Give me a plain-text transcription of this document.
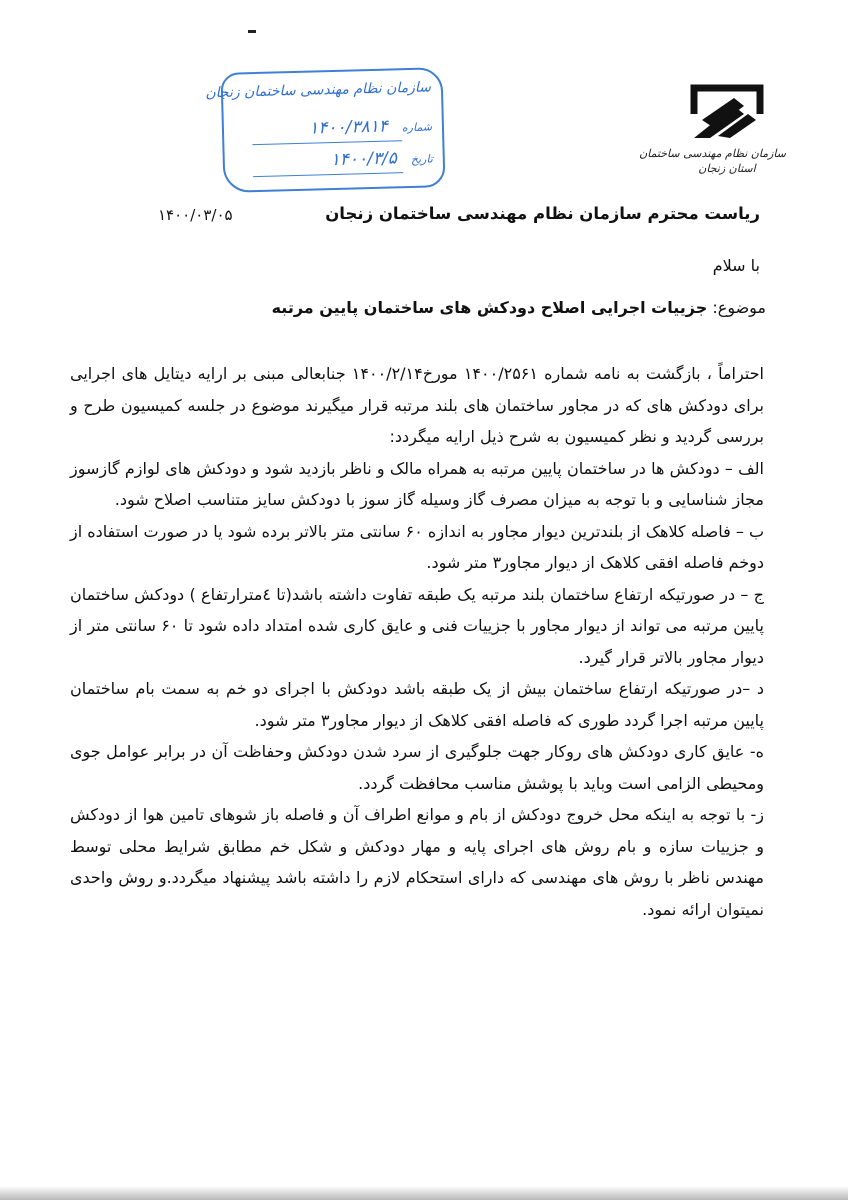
سازمان نظام مهندسی ساختمان
استان زنجان
سازمان نظام مهندسی ساختمان زنجان
شماره
۱۴۰۰/۳۸۱۴
تاریخ
۱۴۰۰/۳/۵
۱۴۰۰/۰۳/۰۵	ریاست محترم سازمان نظام مهندسی ساختمان زنجان
با سلام
موضوع: جزییات اجرایی اصلاح دودکش های ساختمان پایین مرتبه

احتراماً ، بازگشت به نامه شماره ۱۴۰۰/۲۵۶۱ مورخ۱۴۰۰/۲/۱۴ جنابعالی مبنی بر ارایه دیتایل های اجرایی برای دودکش های که در مجاور ساختمان های بلند مرتبه قرار میگیرند موضوع در جلسه کمیسیون طرح و بررسی گردید و نظر کمیسیون به شرح ذیل ارایه میگردد:

الف – دودکش ها در ساختمان پایین مرتبه به همراه مالک و ناظر بازدید شود و دودکش های لوازم گازسوز مجاز شناسایی و با توجه به میزان مصرف گاز وسیله گاز سوز با دودکش سایز متناسب اصلاح شود.

ب – فاصله کلاهک از بلندترین دیوار مجاور به اندازه ۶۰ سانتی متر بالاتر برده شود یا در صورت استفاده از دوخم فاصله افقی کلاهک از دیوار مجاور۳ متر شود.

ج – در صورتیکه ارتفاع ساختمان بلند مرتبه یک طبقه تفاوت داشته باشد(تا ٤مترارتفاع ) دودکش ساختمان پایین مرتبه می تواند از دیوار مجاور با جزییات فنی و عایق کاری شده امتداد داده شود تا ۶۰ سانتی متر از دیوار مجاور بالاتر قرار گیرد.

د –در صورتیکه ارتفاع ساختمان بیش از یک طبقه باشد دودکش با اجرای دو خم به سمت بام ساختمان پایین مرتبه اجرا گردد طوری که فاصله افقی کلاهک از دیوار مجاور۳ متر شود.

ه- عایق کاری دودکش های روکار جهت جلوگیری از سرد شدن دودکش وحفاظت آن در برابر عوامل جوی ومحیطی الزامی است وباید با پوشش مناسب محافظت گردد.

ز- با توجه به اینکه محل خروج دودکش از بام و موانع اطراف آن و فاصله باز شوهای تامین هوا از دودکش و جزییات سازه و بام روش های اجرای پایه و مهار دودکش و شکل خم مطابق شرایط محلی توسط مهندس ناظر با روش های مهندسی که دارای استحکام لازم را داشته باشد پیشنهاد میگردد.و روش واحدی نمیتوان ارائه نمود.
